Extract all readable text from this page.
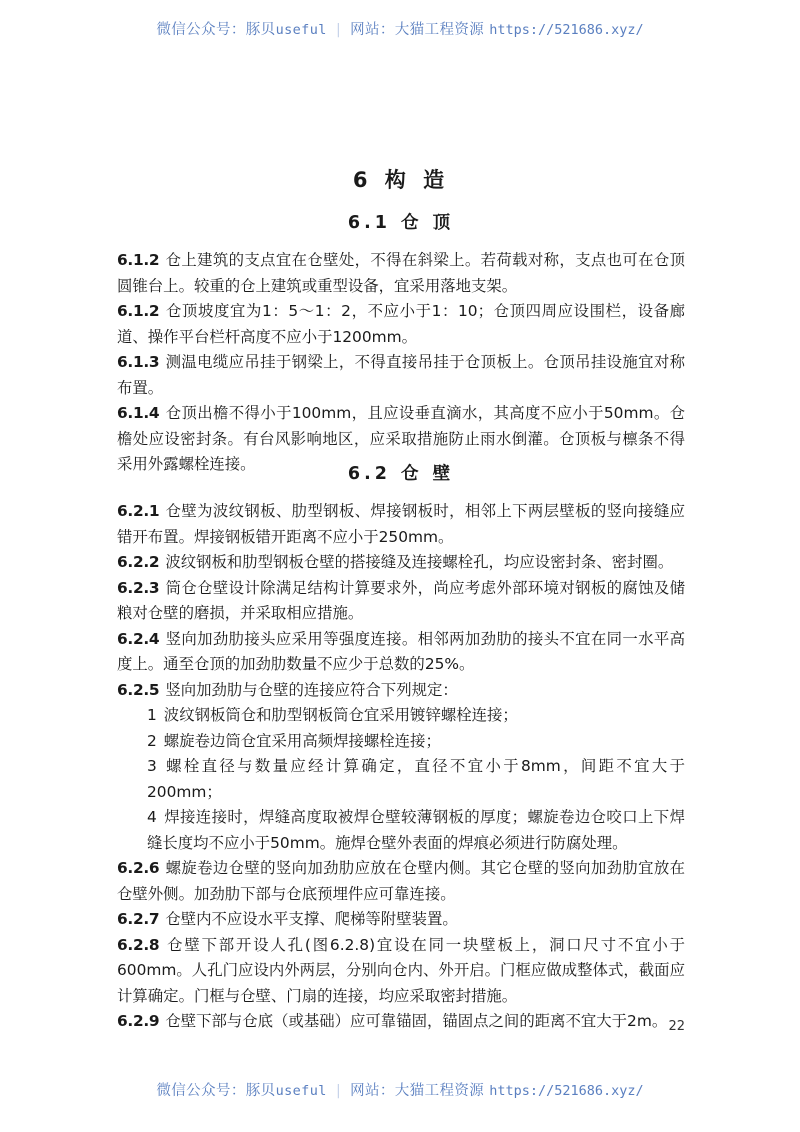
微信公众号：豚贝useful | 网站：大猫工程资源 https://521686.xyz/
6 构 造
6.1 仓 顶

6.1.2 仓上建筑的支点宜在仓壁处，不得在斜梁上。若荷载对称，支点也可在仓顶圆锥台上。较重的仓上建筑或重型设备，宜采用落地支架。

6.1.2 仓顶坡度宜为1：5～1：2，不应小于1：10；仓顶四周应设围栏，设备廊道、操作平台栏杆高度不应小于1200mm。

6.1.3 测温电缆应吊挂于钢梁上，不得直接吊挂于仓顶板上。仓顶吊挂设施宜对称布置。

6.1.4 仓顶出檐不得小于100mm，且应设垂直滴水，其高度不应小于50mm。仓檐处应设密封条。有台风影响地区，应采取措施防止雨水倒灌。仓顶板与檩条不得采用外露螺栓连接。	6.2 仓 壁

6.2.1 仓壁为波纹钢板、肋型钢板、焊接钢板时，相邻上下两层壁板的竖向接缝应错开布置。焊接钢板错开距离不应小于250mm。

6.2.2 波纹钢板和肋型钢板仓壁的搭接缝及连接螺栓孔，均应设密封条、密封圈。

6.2.3 筒仓仓壁设计除满足结构计算要求外，尚应考虑外部环境对钢板的腐蚀及储粮对仓壁的磨损，并采取相应措施。

6.2.4 竖向加劲肋接头应采用等强度连接。相邻两加劲肋的接头不宜在同一水平高度上。通至仓顶的加劲肋数量不应少于总数的25%。

6.2.5 竖向加劲肋与仓壁的连接应符合下列规定：

1 波纹钢板筒仓和肋型钢板筒仓宜采用镀锌螺栓连接；

2 螺旋卷边筒仓宜采用高频焊接螺栓连接；

3 螺栓直径与数量应经计算确定，直径不宜小于8mm，间距不宜大于200mm；

4 焊接连接时，焊缝高度取被焊仓壁较薄钢板的厚度；螺旋卷边仓咬口上下焊缝长度均不应小于50mm。施焊仓壁外表面的焊痕必须进行防腐处理。

6.2.6 螺旋卷边仓壁的竖向加劲肋应放在仓壁内侧。其它仓壁的竖向加劲肋宜放在仓壁外侧。加劲肋下部与仓底预埋件应可靠连接。

6.2.7 仓壁内不应设水平支撑、爬梯等附壁装置。

6.2.8 仓壁下部开设人孔(图6.2.8)宜设在同一块壁板上，洞口尺寸不宜小于600mm。人孔门应设内外两层，分别向仓内、外开启。门框应做成整体式，截面应计算确定。门框与仓壁、门扇的连接，均应采取密封措施。

6.2.9 仓壁下部与仓底（或基础）应可靠锚固，锚固点之间的距离不宜大于2m。 22
微信公众号：豚贝useful | 网站：大猫工程资源 https://521686.xyz/
